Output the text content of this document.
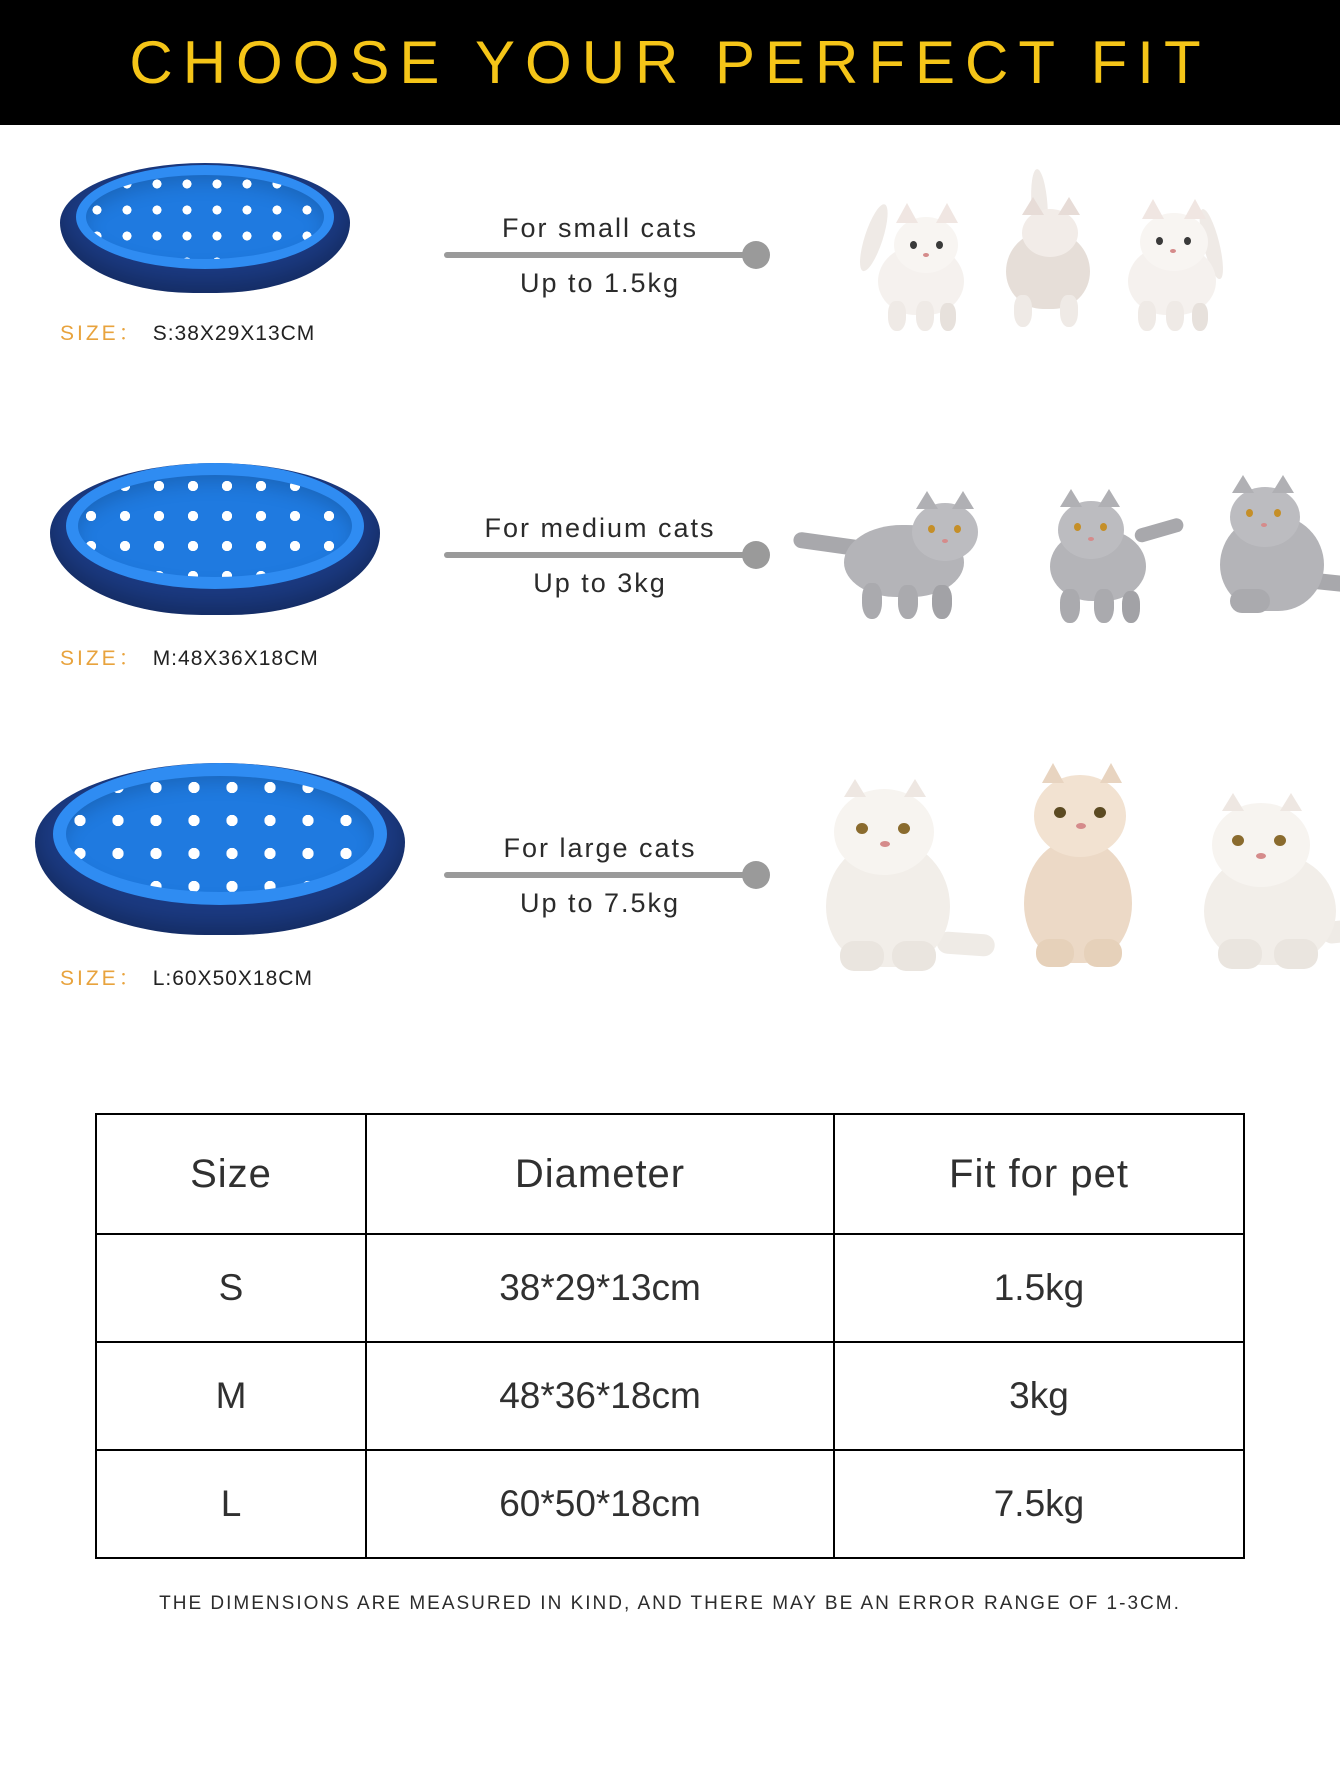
CHOOSE YOUR PERFECT FIT
SIZE： S:38X29X13CM
For small cats
Up to 1.5kg
SIZE： M:48X36X18CM
For medium cats
Up to 3kg
SIZE： L:60X50X18CM
For large cats
Up to 7.5kg
Size	Diameter	Fit for pet
S	38*29*13cm	1.5kg
M	48*36*18cm	3kg
L	60*50*18cm	7.5kg
THE DIMENSIONS ARE MEASURED IN KIND, AND THERE MAY BE AN ERROR RANGE OF 1-3CM.
